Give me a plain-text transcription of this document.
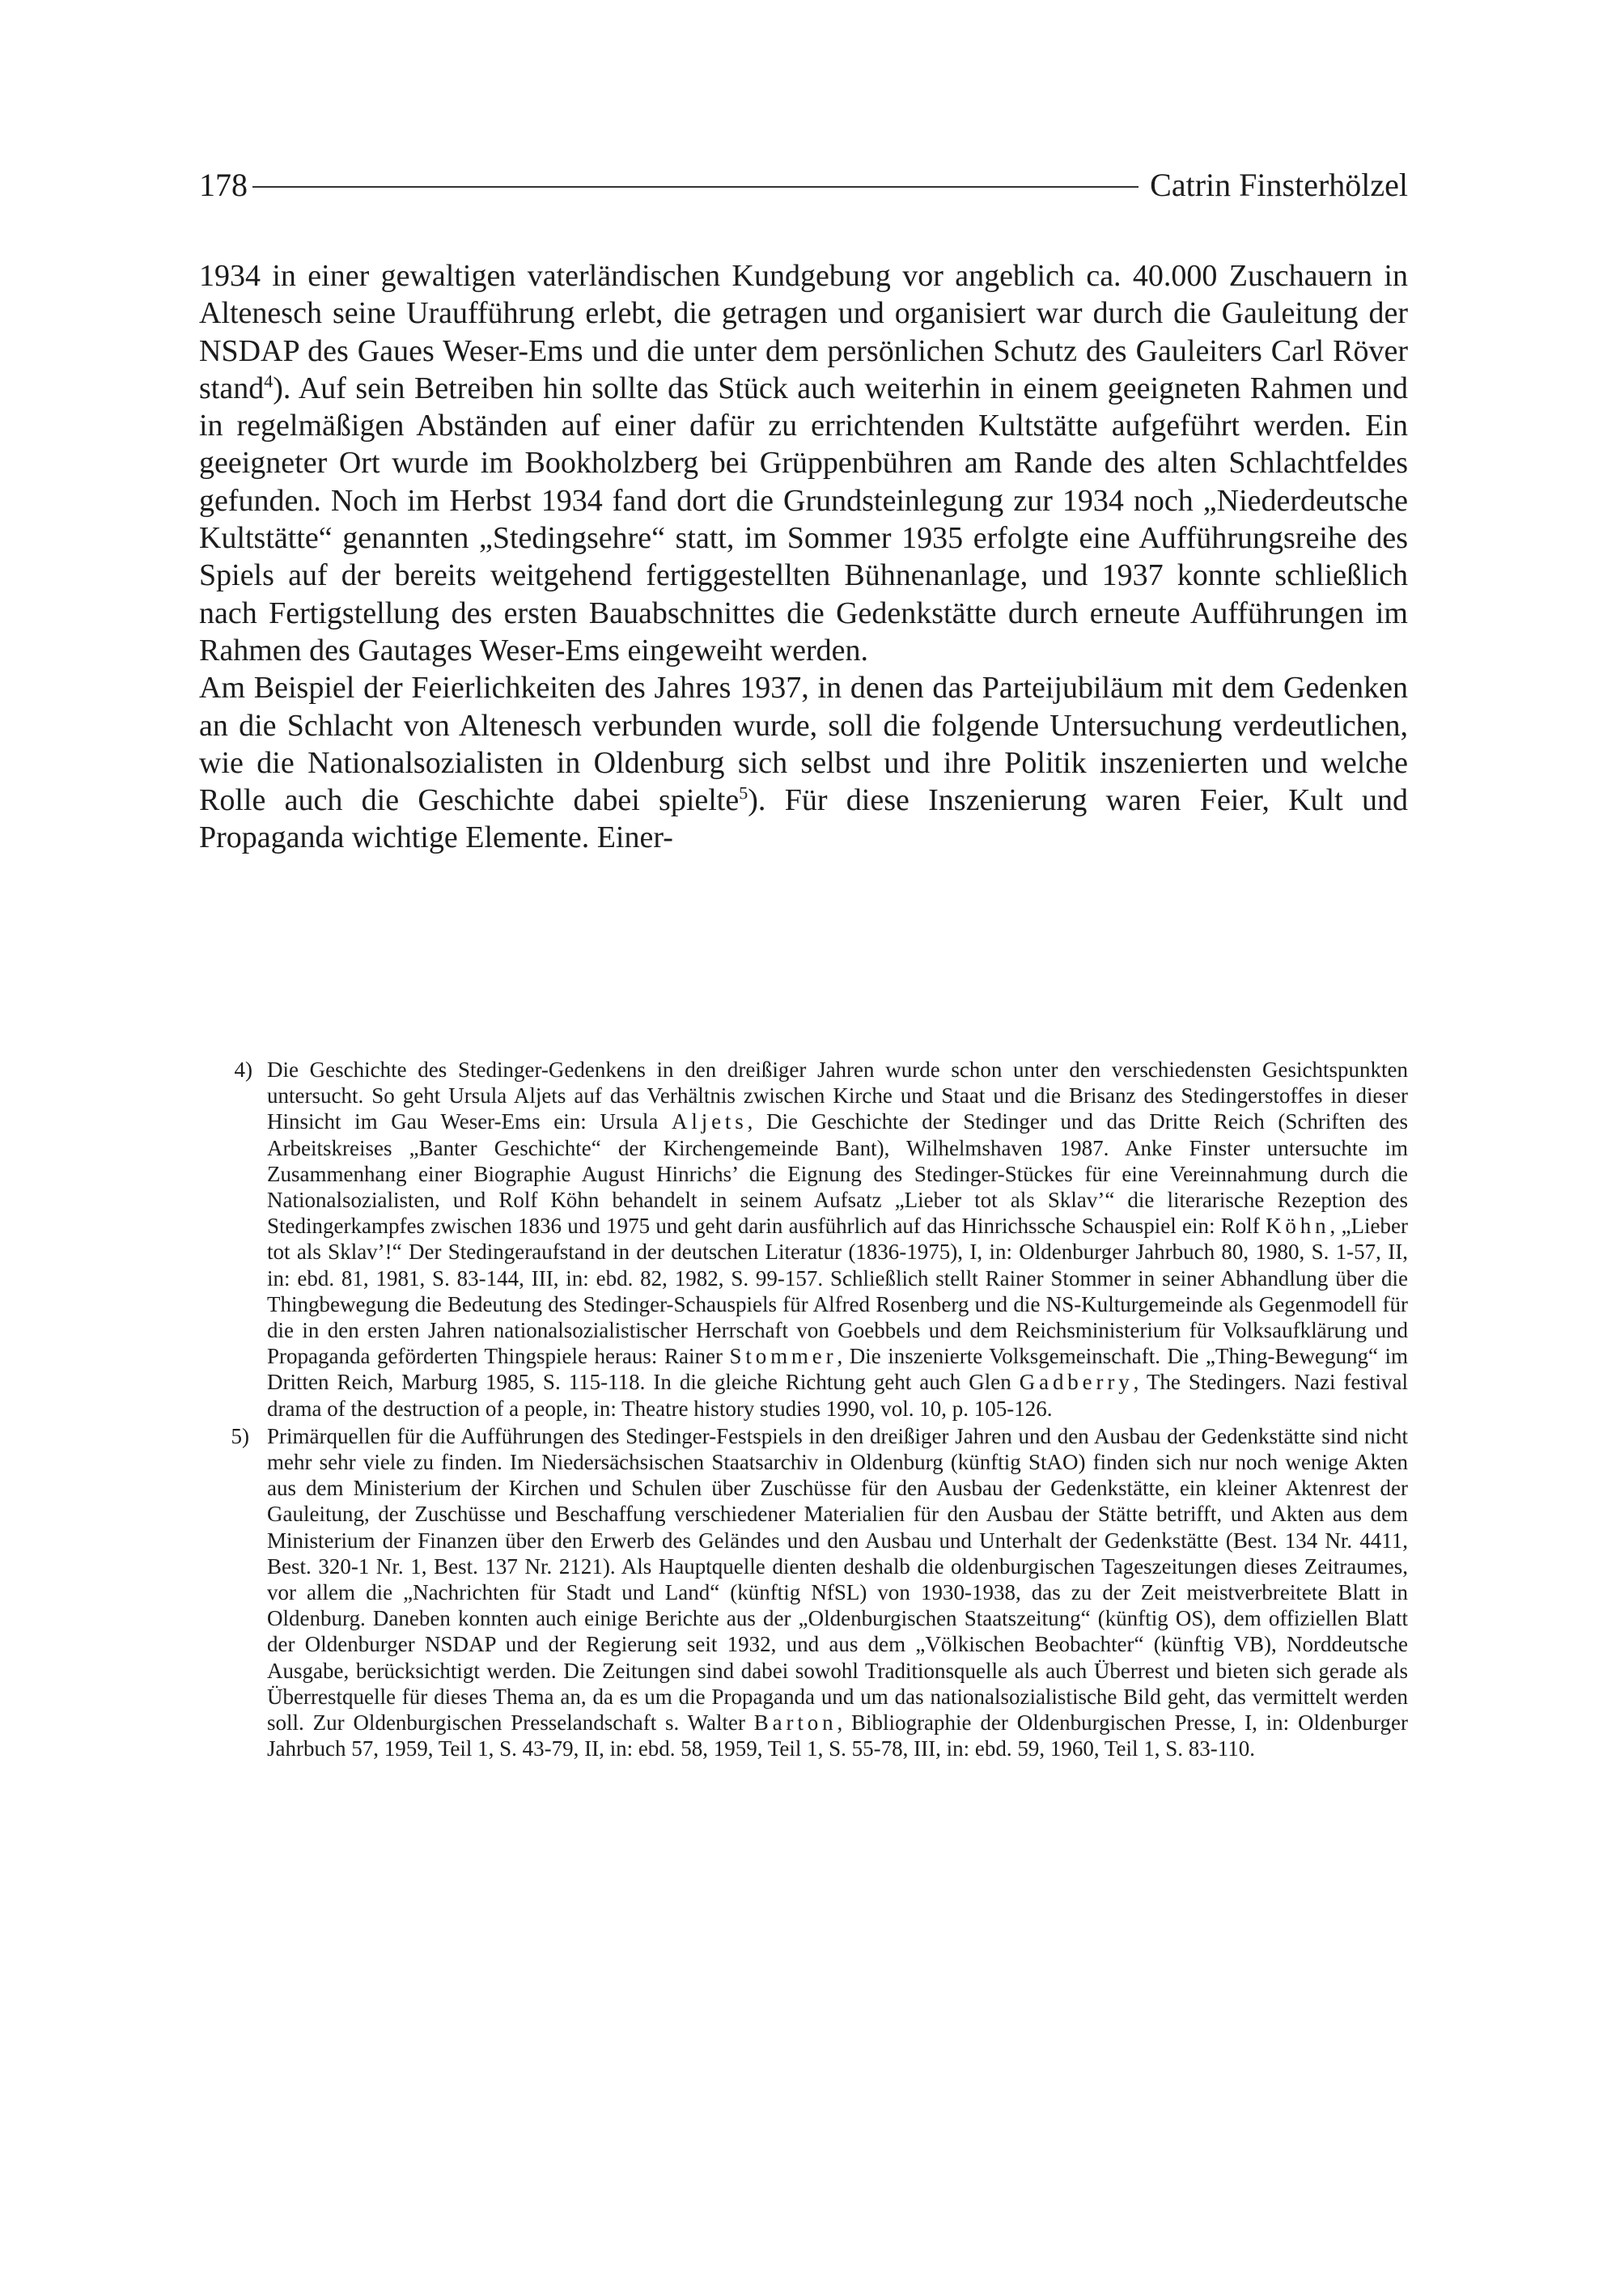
178	Catrin Finsterhölzel

1934 in einer gewaltigen vaterländischen Kundgebung vor angeblich ca. 40.000 Zuschauern in Altenesch seine Uraufführung erlebt, die getragen und organisiert war durch die Gauleitung der NSDAP des Gaues Weser-Ems und die unter dem persönlichen Schutz des Gauleiters Carl Röver stand$^4$). Auf sein Betreiben hin sollte das Stück auch weiterhin in einem geeigneten Rahmen und in regelmäßigen Abständen auf einer dafür zu errichtenden Kultstätte aufgeführt werden. Ein geeigneter Ort wurde im Bookholzberg bei Grüppenbühren am Rande des alten Schlachtfeldes gefunden. Noch im Herbst 1934 fand dort die Grundsteinlegung zur 1934 noch „Niederdeutsche Kultstätte“ genannten „Stedingsehre“ statt, im Sommer 1935 erfolgte eine Aufführungsreihe des Spiels auf der bereits weitgehend fertiggestellten Bühnenanlage, und 1937 konnte schließlich nach Fertigstellung des ersten Bauabschnittes die Gedenkstätte durch erneute Aufführungen im Rahmen des Gautages Weser-Ems eingeweiht werden.

Am Beispiel der Feierlichkeiten des Jahres 1937, in denen das Parteijubiläum mit dem Gedenken an die Schlacht von Altenesch verbunden wurde, soll die folgende Untersuchung verdeutlichen, wie die Nationalsozialisten in Oldenburg sich selbst und ihre Politik inszenierten und welche Rolle auch die Geschichte dabei spielte$^5$). Für diese Inszenierung waren Feier, Kult und Propaganda wichtige Elemente. Einer-

4) Die Geschichte des Stedinger-Gedenkens in den dreißiger Jahren wurde schon unter den verschiedensten Gesichtspunkten untersucht. So geht Ursula Aljets auf das Verhältnis zwischen Kirche und Staat und die Brisanz des Stedingerstoffes in dieser Hinsicht im Gau Weser-Ems ein: Ursula Aljets, Die Geschichte der Stedinger und das Dritte Reich (Schriften des Arbeitskreises „Banter Geschichte“ der Kirchengemeinde Bant), Wilhelmshaven 1987. Anke Finster untersuchte im Zusammenhang einer Biographie August Hinrichs’ die Eignung des Stedinger-Stückes für eine Vereinnahmung durch die Nationalsozialisten, und Rolf Köhn behandelt in seinem Aufsatz „Lieber tot als Sklav’“ die literarische Rezeption des Stedingerkampfes zwischen 1836 und 1975 und geht darin ausführlich auf das Hinrichssche Schauspiel ein: Rolf Köhn, „Lieber tot als Sklav’!“ Der Stedingeraufstand in der deutschen Literatur (1836-1975), I, in: Oldenburger Jahrbuch 80, 1980, S. 1-57, II, in: ebd. 81, 1981, S. 83-144, III, in: ebd. 82, 1982, S. 99-157. Schließlich stellt Rainer Stommer in seiner Abhandlung über die Thingbewegung die Bedeutung des Stedinger-Schauspiels für Alfred Rosenberg und die NS-Kulturgemeinde als Gegenmodell für die in den ersten Jahren nationalsozialistischer Herrschaft von Goebbels und dem Reichsministerium für Volksaufklärung und Propaganda geförderten Thingspiele heraus: Rainer Stommer, Die inszenierte Volksgemeinschaft. Die „Thing-Bewegung“ im Dritten Reich, Marburg 1985, S. 115-118. In die gleiche Richtung geht auch Glen Gadberry, The Stedingers. Nazi festival drama of the destruction of a people, in: Theatre history studies 1990, vol. 10, p. 105-126.
5) Primärquellen für die Aufführungen des Stedinger-Festspiels in den dreißiger Jahren und den Ausbau der Gedenkstätte sind nicht mehr sehr viele zu finden. Im Niedersächsischen Staatsarchiv in Oldenburg (künftig StAO) finden sich nur noch wenige Akten aus dem Ministerium der Kirchen und Schulen über Zuschüsse für den Ausbau der Gedenkstätte, ein kleiner Aktenrest der Gauleitung, der Zuschüsse und Beschaffung verschiedener Materialien für den Ausbau der Stätte betrifft, und Akten aus dem Ministerium der Finanzen über den Erwerb des Geländes und den Ausbau und Unterhalt der Gedenkstätte (Best. 134 Nr. 4411, Best. 320-1 Nr. 1, Best. 137 Nr. 2121). Als Hauptquelle dienten deshalb die oldenburgischen Tageszeitungen dieses Zeitraumes, vor allem die „Nachrichten für Stadt und Land“ (künftig NfSL) von 1930-1938, das zu der Zeit meistverbreitete Blatt in Oldenburg. Daneben konnten auch einige Berichte aus der „Oldenburgischen Staatszeitung“ (künftig OS), dem offiziellen Blatt der Oldenburger NSDAP und der Regierung seit 1932, und aus dem „Völkischen Beobachter“ (künftig VB), Norddeutsche Ausgabe, berücksichtigt werden. Die Zeitungen sind dabei sowohl Traditionsquelle als auch Überrest und bieten sich gerade als Überrestquelle für dieses Thema an, da es um die Propaganda und um das nationalsozialistische Bild geht, das vermittelt werden soll. Zur Oldenburgischen Presselandschaft s. Walter Barton, Bibliographie der Oldenburgischen Presse, I, in: Oldenburger Jahrbuch 57, 1959, Teil 1, S. 43-79, II, in: ebd. 58, 1959, Teil 1, S. 55-78, III, in: ebd. 59, 1960, Teil 1, S. 83-110.
